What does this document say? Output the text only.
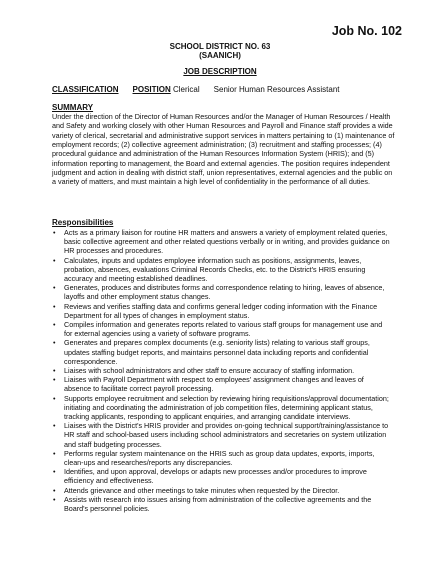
Job No. 102
SCHOOL DISTRICT NO. 63
(SAANICH)
JOB DESCRIPTION
CLASSIFICATION POSITION Clerical Senior Human Resources Assistant
SUMMARY

Under the direction of the Director of Human Resources and/or the Manager of Human Resources / Health and Safety and working closely with other Human Resources and Payroll and Finance staff provides a wide variety of clerical, secretarial and administrative support services in matters pertaining to (1) maintenance of employment records; (2) collective agreement administration; (3) recruitment and staffing processes; (4) procedural guidance and administration of the Human Resources Information System (HRIS); and (5) information reporting to management, the Board and external agencies. The position requires independent judgment and action in dealing with district staff, union representatives, external agencies and the public on a variety of matters, and must maintain a high level of confidentiality in the performance of all duties.

Responsibilities
• Acts as a primary liaison for routine HR matters and answers a variety of employment related queries, basic collective agreement and other related questions verbally or in writing, and provides guidance on HR processes and procedures.
• Calculates, inputs and updates employee information such as positions, assignments, leaves, probation, absences, evaluations Criminal Records Checks, etc. to the District's HRIS ensuring accuracy and meeting established deadlines.
• Generates, produces and distributes forms and correspondence relating to hiring, leaves of absence, layoffs and other employment status changes.
• Reviews and verifies staffing data and confirms general ledger coding information with the Finance Department for all types of changes in employment status.
• Compiles information and generates reports related to various staff groups for management use and for external agencies using a variety of software programs.
• Generates and prepares complex documents (e.g. seniority lists) relating to various staff groups, updates staffing budget reports, and maintains personnel data including reports and confidential correspondence.
• Liaises with school administrators and other staff to ensure accuracy of staffing information.
• Liaises with Payroll Department with respect to employees' assignment changes and leaves of absence to facilitate correct payroll processing.
• Supports employee recruitment and selection by reviewing hiring requisitions/approval documentation; initiating and coordinating the administration of job competition files, determining applicant status, tracking applicants, responding to applicant enquiries, and arranging candidate interviews.
• Liaises with the District's HRIS provider and provides on-going technical support/training/assistance to HR staff and school-based users including school administrators and secretaries on system utilization and staff budgeting processes.
• Performs regular system maintenance on the HRIS such as group data updates, exports, imports, clean-ups and researches/reports any discrepancies.
• Identifies, and upon approval, develops or adapts new processes and/or procedures to improve efficiency and effectiveness.
• Attends grievance and other meetings to take minutes when requested by the Director.
• Assists with research into issues arising from administration of the collective agreements and the Board's personnel policies.
